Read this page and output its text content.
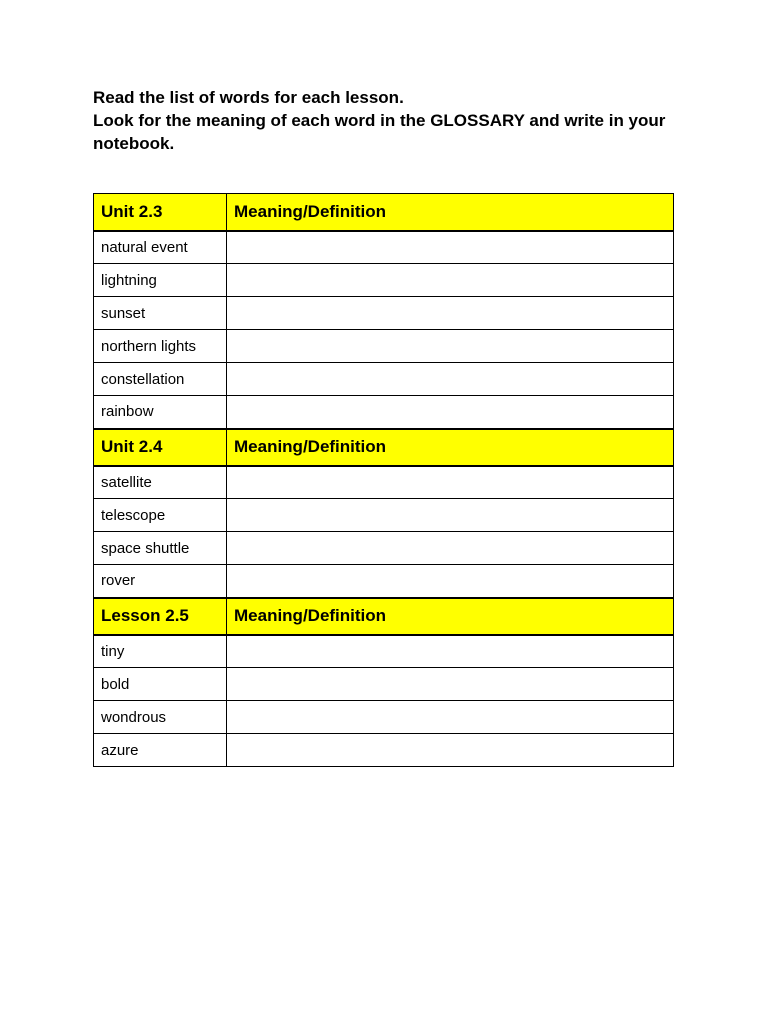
Read the list of words for each lesson.

Look for the meaning of each word in the GLOSSARY and write in your notebook.

Unit 2.3	Meaning/Definition
natural event	
lightning	
sunset	
northern lights	
constellation	
rainbow	
Unit 2.4	Meaning/Definition
satellite	
telescope	
space shuttle	
rover	
Lesson 2.5	Meaning/Definition
tiny	
bold	
wondrous	
azure	
